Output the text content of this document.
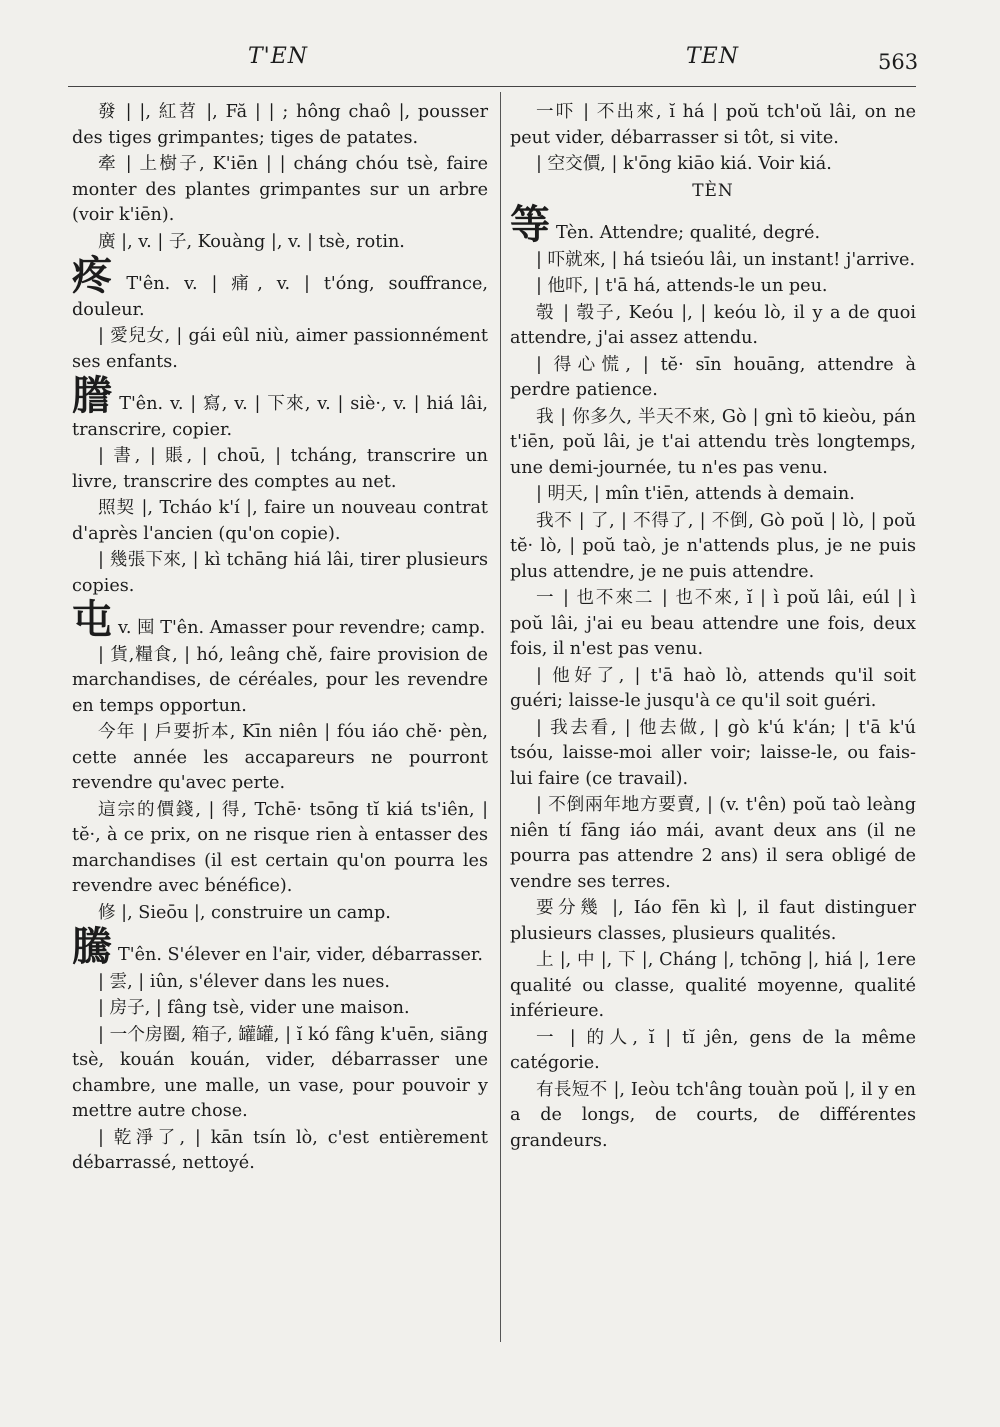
T'EN	TEN	563

發 | |, 紅苕 |, Fă | | ; hông chaô |, pousser des tiges grimpantes; tiges de patates.

牽 | 上樹子, K'iēn | | cháng chóu tsè, faire monter des plantes grimpantes sur un arbre (voir k'iēn).

廣 |, v. | 子, Kouàng |, v. | tsè, rotin.

疼 T'ên. v. | 痛, v. | t'óng, souffrance, douleur.

| 愛兒女, | gái eûl niù, aimer passionnément ses enfants.

謄 T'ên. v. | 寫, v. | 下來, v. | siè·, v. | hiá lâi, transcrire, copier.

| 書, | 賬, | choū, | tcháng, transcrire un livre, transcrire des comptes au net.

照契 |, Tcháo k'í |, faire un nouveau contrat d'après l'ancien (qu'on copie).

| 幾張下來, | kì tchāng hiá lâi, tirer plusieurs copies.

屯v. 囤 T'ên. Amasser pour revendre; camp.

| 貨,糧食, | hó, leâng chě, faire provision de marchandises, de céréales, pour les revendre en temps opportun.

今年 | 戶要折本, Kīn niên | fóu iáo chĕ· pèn, cette année les accapareurs ne pourront revendre qu'avec perte.

這宗的價錢, | 得, Tchē· tsōng tĭ kiá ts'iên, | tĕ·, à ce prix, on ne risque rien à entasser des marchandises (il est certain qu'on pourra les revendre avec bénéfice).

修 |, Sieōu |, construire un camp.

騰 T'ên. S'élever en l'air, vider, débarrasser.

| 雲, | iûn, s'élever dans les nues.

| 房子, | fâng tsè, vider une maison.

| 一个房圈, 箱子, 罐罐, | ĭ kó fâng k'uēn, siāng tsè, kouán kouán, vider, débarrasser une chambre, une malle, un vase, pour pouvoir y mettre autre chose.

| 乾淨了, | kān tsín lò, c'est entièrement débarrassé, nettoyé.

一吓 | 不出來, ĭ há | poŭ tch'oŭ lâi, on ne peut vider, débarrasser si tôt, si vite.

| 空交價, | k'ōng kiāo kiá. Voir kiá.

TÈN

等 Tèn. Attendre; qualité, degré.

| 吓就來, | há tsieóu lâi, un instant! j'arrive.

| 他吓, | t'ā há, attends-le un peu.

彀 | 彀子, Keóu |, | keóu lò, il y a de quoi attendre, j'ai assez attendu.

| 得心慌, | tĕ· sīn houāng, attendre à perdre patience.

我 | 你多久, 半天不來, Gò | gnì tō kieòu, pán t'iēn, poŭ lâi, je t'ai attendu très longtemps, une demi-journée, tu n'es pas venu.

| 明天, | mîn t'iēn, attends à demain.

我不 | 了, | 不得了, | 不倒, Gò poŭ | lò, | poŭ tĕ· lò, | poŭ taò, je n'attends plus, je ne puis plus attendre, je ne puis attendre.

一 | 也不來二 | 也不來, ĭ | ì poŭ lâi, eúl | ì poŭ lâi, j'ai eu beau attendre une fois, deux fois, il n'est pas venu.

| 他好了, | t'ā haò lò, attends qu'il soit guéri; laisse-le jusqu'à ce qu'il soit guéri.

| 我去看, | 他去做, | gò k'ú k'án; | t'ā k'ú tsóu, laisse-moi aller voir; laisse-le, ou fais-lui faire (ce travail).

| 不倒兩年地方要賣, | (v. t'ên) poŭ taò leàng niên tí fāng iáo mái, avant deux ans (il ne pourra pas attendre 2 ans) il sera obligé de vendre ses terres.

要分幾 |, Iáo fēn kì |, il faut distinguer plusieurs classes, plusieurs qualités.

上 |, 中 |, 下 |, Cháng |, tchōng |, hiá |, 1ere qualité ou classe, qualité moyenne, qualité inférieure.

一 | 的人, ĭ | tĭ jên, gens de la même catégorie.

有長短不 |, Ieòu tch'âng touàn poŭ |, il y en a de longs, de courts, de différentes grandeurs.
